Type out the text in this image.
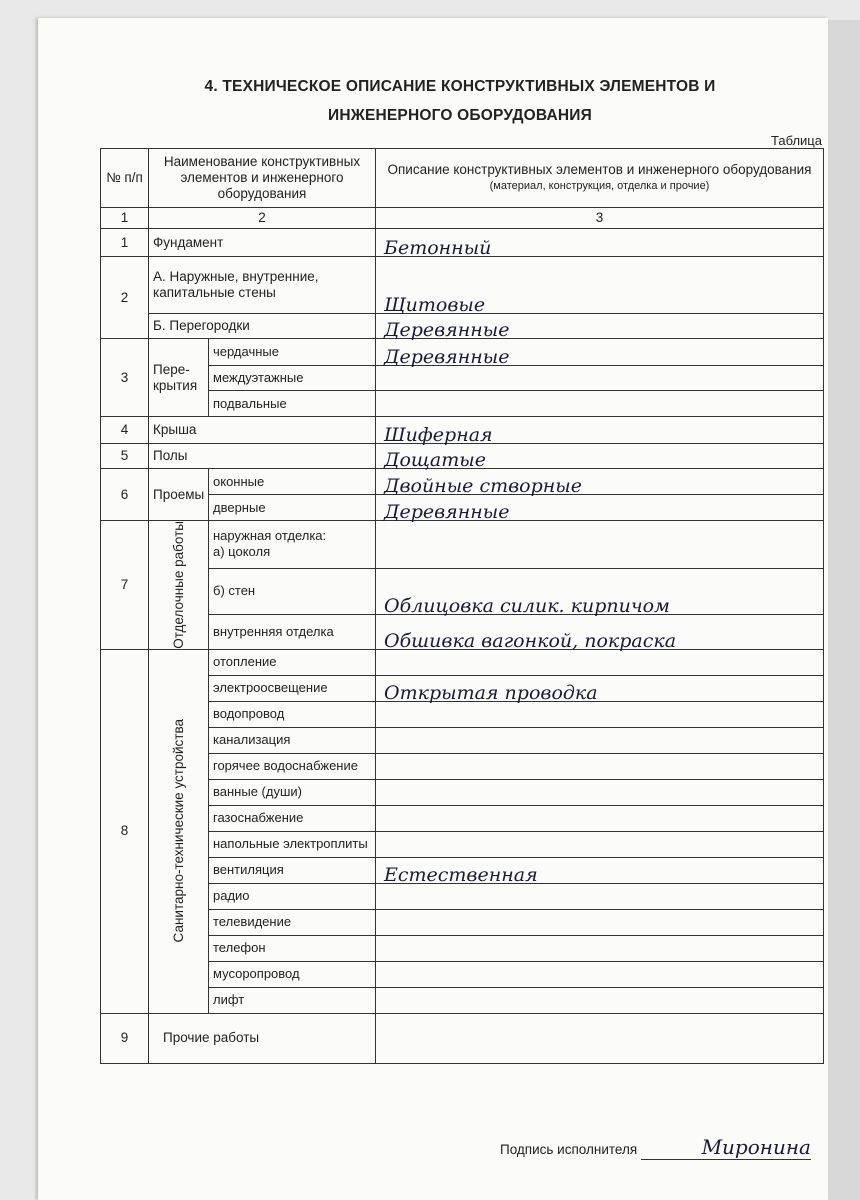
4. ТЕХНИЧЕСКОЕ ОПИСАНИЕ КОНСТРУКТИВНЫХ ЭЛЕМЕНТОВ И
ИНЖЕНЕРНОГО ОБОРУДОВАНИЯ
Таблица
№ п/п	Наименование конструктивных элементов и инженерного оборудования		Описание конструктивных элементов и инженерного оборудования
(материал, конструкция, отделка и прочие)

1	2		3
1	Фундамент		Бетонный
2	А. Наружные, внутренние, капитальные стены		Щитовые
	Б. Перегородки		Деревянные
3	Пере-крытия	чердачные	Деревянные
		междуэтажные	
		подвальные	
4	Крыша		Шиферная
5	Полы		Дощатые
6	Проемы	оконные	Двойные створные
		дверные	Деревянные
7	Отделочные работы	наружная отделка:
а) цоколя	
		б) стен	Облицовка силик. кирпичом
		внутренняя отделка	Обшивка вагонкой, покраска
8	Санитарно-технические устройства	отопление	
		электроосвещение	Открытая проводка
		водопровод	
		канализация	
		горячее водоснабжение	
		ванные (души)	
		газоснабжение	
		напольные электроплиты	
		вентиляция	Естественная
		радио	
		телевидение	
		телефон	
		мусоропровод	
		лифт	
9	Прочие работы		
Подпись исполнителя	Миронина
